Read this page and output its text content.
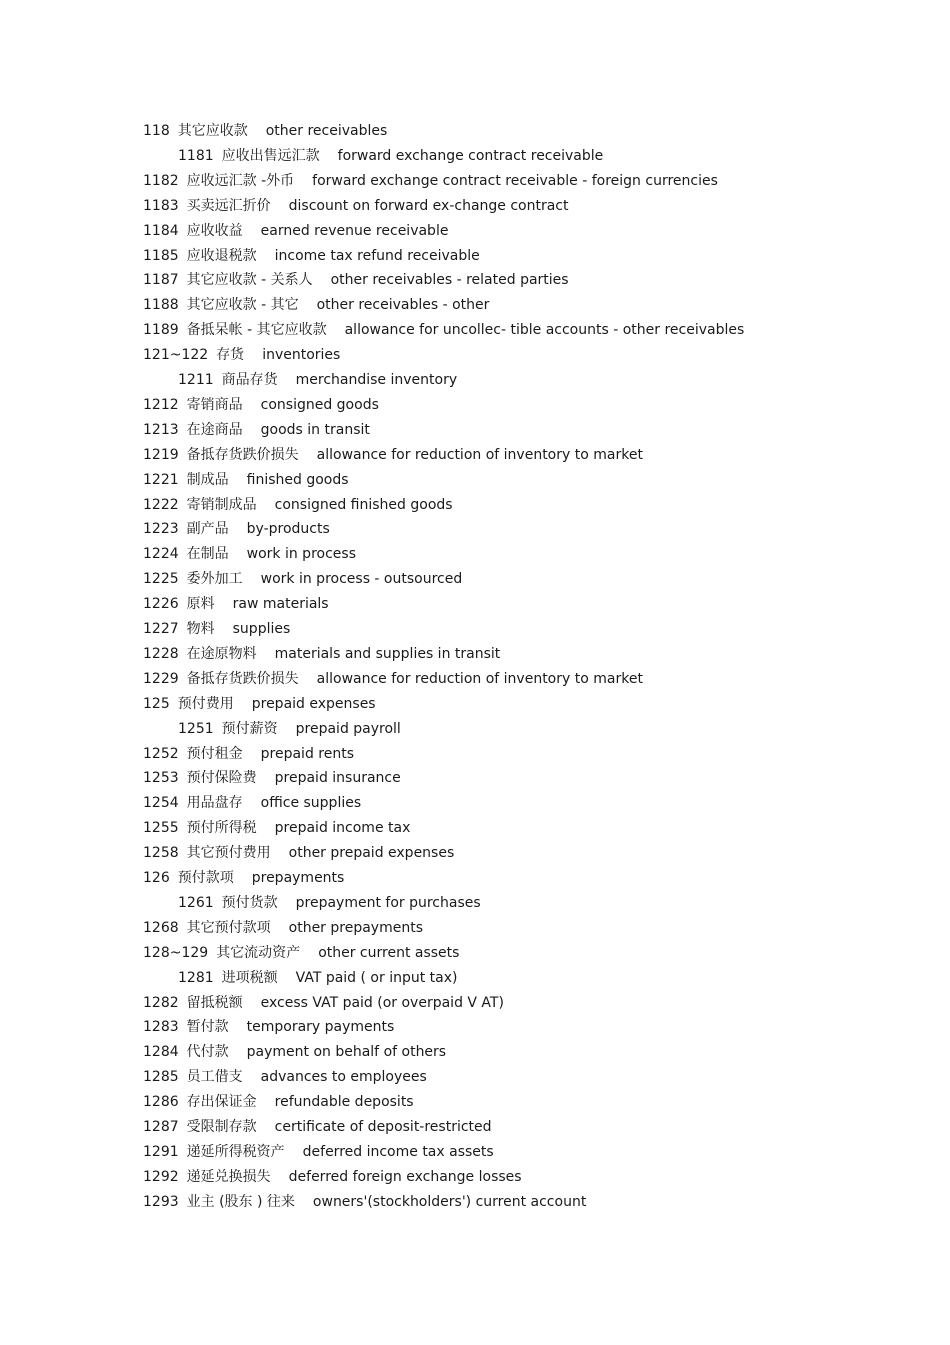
118 其它应收款 other receivables
1181 应收出售远汇款 forward exchange contract receivable
1182 应收远汇款 -外币 forward exchange contract receivable - foreign currencies
1183 买卖远汇折价 discount on forward ex-change contract
1184 应收收益 earned revenue receivable
1185 应收退税款 income tax refund receivable
1187 其它应收款 - 关系人 other receivables - related parties
1188 其它应收款 - 其它 other receivables - other
1189 备抵呆帐 - 其它应收款 allowance for uncollec- tible accounts - other receivables
121~122 存货 inventories
1211 商品存货 merchandise inventory
1212 寄销商品 consigned goods
1213 在途商品 goods in transit
1219 备抵存货跌价损失 allowance for reduction of inventory to market
1221 制成品 finished goods
1222 寄销制成品 consigned finished goods
1223 副产品 by-products
1224 在制品 work in process
1225 委外加工 work in process - outsourced
1226 原料 raw materials
1227 物料 supplies
1228 在途原物料 materials and supplies in transit
1229 备抵存货跌价损失 allowance for reduction of inventory to market
125 预付费用 prepaid expenses
1251 预付薪资 prepaid payroll
1252 预付租金 prepaid rents
1253 预付保险费 prepaid insurance
1254 用品盘存 office supplies
1255 预付所得税 prepaid income tax
1258 其它预付费用 other prepaid expenses
126 预付款项 prepayments
1261 预付货款 prepayment for purchases
1268 其它预付款项 other prepayments
128~129 其它流动资产 other current assets
1281 进项税额 VAT paid ( or input tax)
1282 留抵税额 excess VAT paid (or overpaid V AT)
1283 暂付款 temporary payments
1284 代付款 payment on behalf of others
1285 员工借支 advances to employees
1286 存出保证金 refundable deposits
1287 受限制存款 certificate of deposit-restricted
1291 递延所得税资产 deferred income tax assets
1292 递延兑换损失 deferred foreign exchange losses
1293 业主 (股东 ) 往来 owners'(stockholders') current account
